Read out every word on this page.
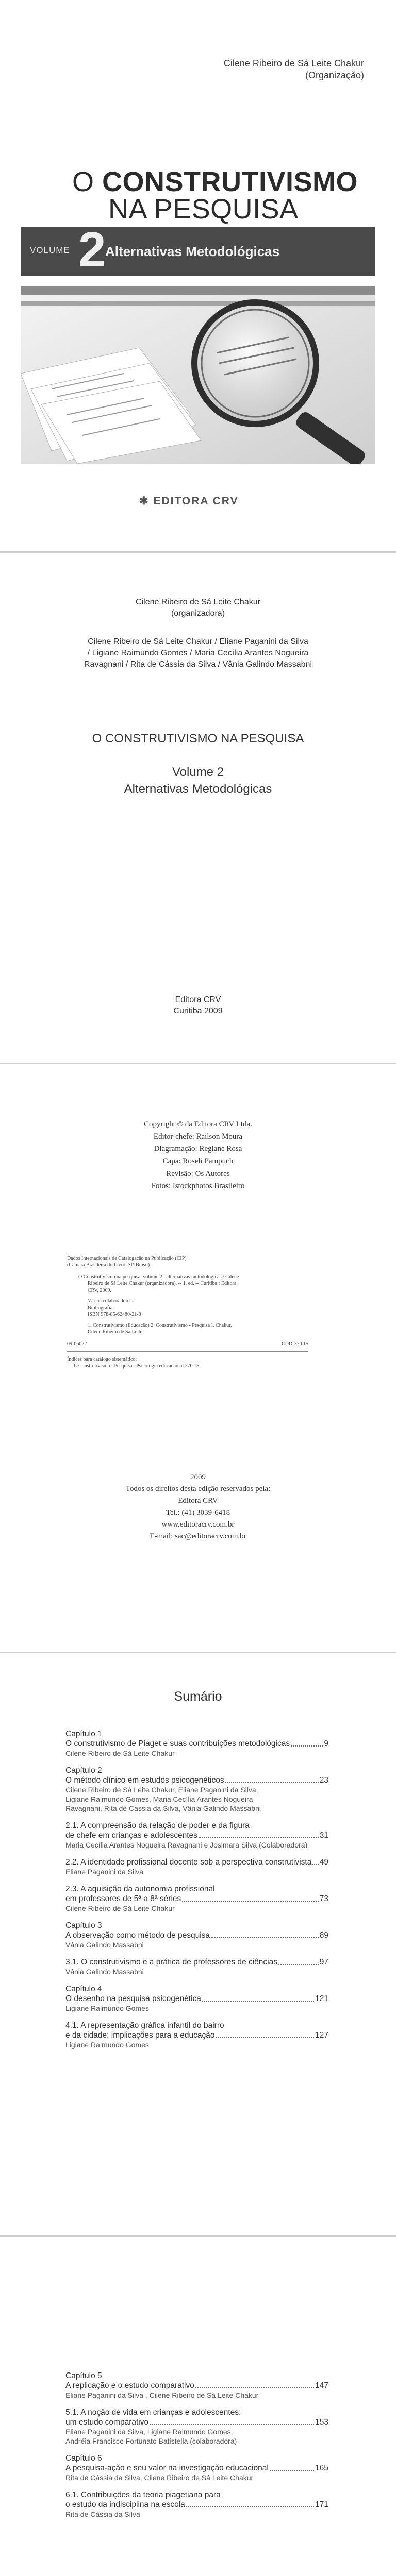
Cilene Ribeiro de Sá Leite Chakur
(Organização)
O CONSTRUTIVISMO
NA PESQUISA
VOLUME 2
Alternativas Metodológicas
✱ EDITORA CRV
Cilene Ribeiro de Sá Leite Chakur
(organizadora)
Cilene Ribeiro de Sá Leite Chakur / Eliane Paganini da Silva
/ Ligiane Raimundo Gomes / Maria Cecília Arantes Nogueira
Ravagnani / Rita de Cássia da Silva / Vânia Galindo Massabni
O CONSTRUTIVISMO NA PESQUISA
Volume 2
Alternativas Metodológicas
Editora CRV
Curitiba 2009
Copyright © da Editora CRV Ltda.
Editor-chefe: Railson Moura
Diagramação: Regiane Rosa
Capa: Roseli Pampuch
Revisão: Os Autores
Fotos: Istockphotos Brasileiro
Dados Internacionais de Catalogação na Publicação (CIP)
(Câmara Brasileira do Livro, SP, Brasil)
O Construtivismo na pesquisa, volume 2 : alternativas metodológicas / Cilene
Ribeiro de Sá Leite Chakur (organizadora). -- 1. ed. -- Curitiba : Editora
CRV, 2009.
Vários colaboradores.
Bibliografia.
ISBN 978-85-62480-21-8
1. Construtivismo (Educação) 2. Construtivismo - Pesquisa I. Chakur,
Cilene Ribeiro de Sá Leite.
09-06022	CDD-370.15
Índices para catálogo sistemático:
1. Construtivismo : Pesquisa : Psicologia educacional 370.15
2009
Todos os direitos desta edição reservados pela:
Editora CRV
Tel.: (41) 3039-6418
www.editoracrv.com.br
E-mail: sac@editoracrv.com.br
Sumário
Capítulo 1
O construtivismo de Piaget e suas contribuições metodológicas	9
Cilene Ribeiro de Sá Leite Chakur
Capítulo 2
O método clínico em estudos psicogenéticos	23
Cilene Ribeiro de Sá Leite Chakur, Eliane Paganini da Silva,
Ligiane Raimundo Gomes, Maria Cecília Arantes Nogueira
Ravagnani, Rita de Cássia da Silva, Vânia Galindo Massabni
2.1. A compreensão da relação de poder e da figura
de chefe em crianças e adolescentes	31
Maria Cecília Arantes Nogueira Ravagnani e Josimara Silva (Colaboradora)
2.2. A identidade profissional docente sob a perspectiva construtivista 49
Eliane Paganini da Silva
2.3. A aquisição da autonomia profissional
em professores de 5ª a 8ª séries	73
Cilene Ribeiro de Sá Leite Chakur
Capítulo 3
A observação como método de pesquisa	89
Vânia Galindo Massabni
3.1. O construtivismo e a prática de professores de ciências	97
Vânia Galindo Massabni
Capítulo 4
O desenho na pesquisa psicogenética	121
Ligiane Raimundo Gomes
4.1. A representação gráfica infantil do bairro
e da cidade: implicações para a educação	127
Ligiane Raimundo Gomes
Capítulo 5
A replicação e o estudo comparativo	147
Eliane Paganini da Silva , Cilene Ribeiro de Sá Leite Chakur
5.1. A noção de vida em crianças e adolescentes:
um estudo comparativo	153
Eliane Paganini da Silva, Ligiane Raimundo Gomes,
Andréia Francisco Fortunato Batistella (colaboradora)
Capítulo 6
A pesquisa-ação e seu valor na investigação educacional	165
Rita de Cássia da Silva, Cilene Ribeiro de Sá Leite Chakur
6.1. Contribuições da teoria piagetiana para
o estudo da indisciplina na escola	171
Rita de Cássia da Silva
